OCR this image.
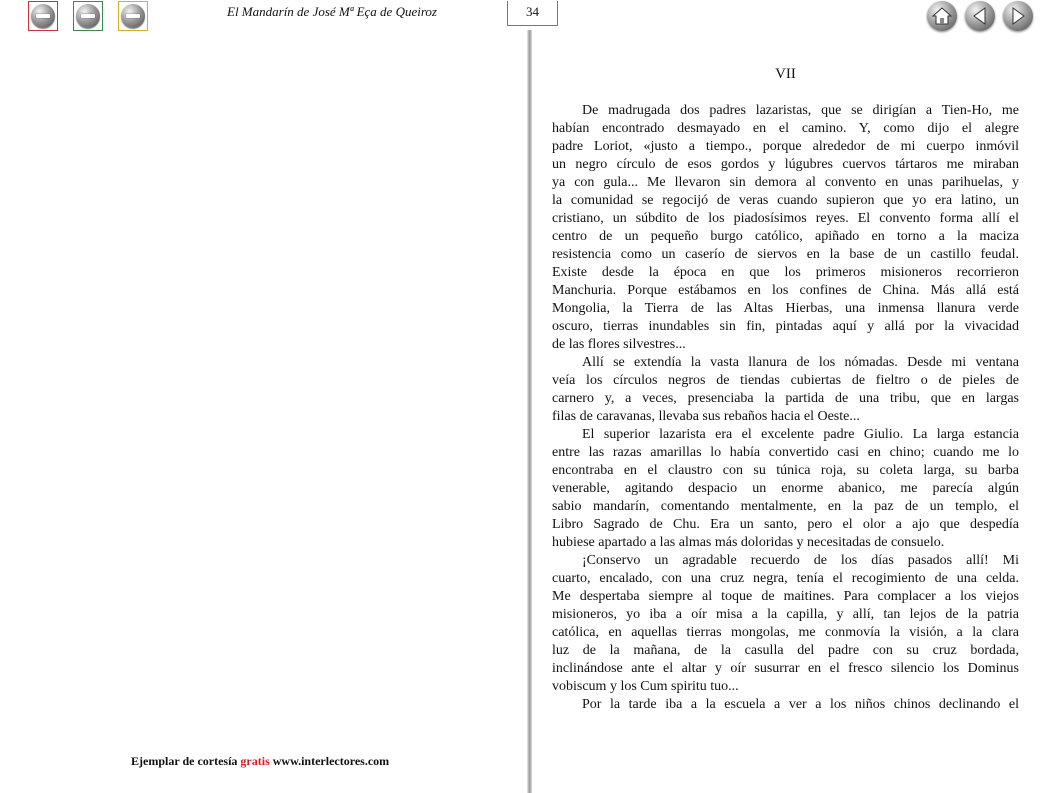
El Mandarín de José Mª Eça de Queiroz	34
VII
De madrugada dos padres lazaristas, que se dirigían a Tien-Ho, me
habían encontrado desmayado en el camino. Y, como dijo el alegre
padre Loriot, «justo a tiempo., porque alrededor de mi cuerpo inmóvil
un negro círculo de esos gordos y lúgubres cuervos tártaros me miraban
ya con gula... Me llevaron sin demora al convento en unas parihuelas, y
la comunidad se regocijó de veras cuando supieron que yo era latino, un
cristiano, un súbdito de los piadosísimos reyes. El convento forma allí el
centro de un pequeño burgo católico, apiñado en torno a la maciza
resistencia como un caserío de siervos en la base de un castillo feudal.
Existe desde la época en que los primeros misioneros recorrieron
Manchuria. Porque estábamos en los confines de China. Más allá está
Mongolia, la Tierra de las Altas Hierbas, una inmensa llanura verde
oscuro, tierras inundables sin fin, pintadas aquí y allá por la vivacidad
de las flores silvestres...
Allí se extendía la vasta llanura de los nómadas. Desde mi ventana
veía los círculos negros de tiendas cubiertas de fieltro o de pieles de
carnero y, a veces, presenciaba la partida de una tribu, que en largas
filas de caravanas, llevaba sus rebaños hacia el Oeste...
El superior lazarista era el excelente padre Giulio. La larga estancia
entre las razas amarillas lo había convertido casi en chino; cuando me lo
encontraba en el claustro con su túnica roja, su coleta larga, su barba
venerable, agitando despacio un enorme abanico, me parecía algún
sabio mandarín, comentando mentalmente, en la paz de un templo, el
Libro Sagrado de Chu. Era un santo, pero el olor a ajo que despedía
hubiese apartado a las almas más doloridas y necesitadas de consuelo.
¡Conservo un agradable recuerdo de los días pasados allí! Mi
cuarto, encalado, con una cruz negra, tenía el recogimiento de una celda.
Me despertaba siempre al toque de maitines. Para complacer a los viejos
misioneros, yo iba a oír misa a la capilla, y allí, tan lejos de la patria
católica, en aquellas tierras mongolas, me conmovía la visión, a la clara
luz de la mañana, de la casulla del padre con su cruz bordada,
inclinándose ante el altar y oír susurrar en el fresco silencio los Dominus
vobiscum y los Cum spiritu tuo...
Por la tarde iba a la escuela a ver a los niños chinos declinando el
Ejemplar de cortesía gratis www.interlectores.com
